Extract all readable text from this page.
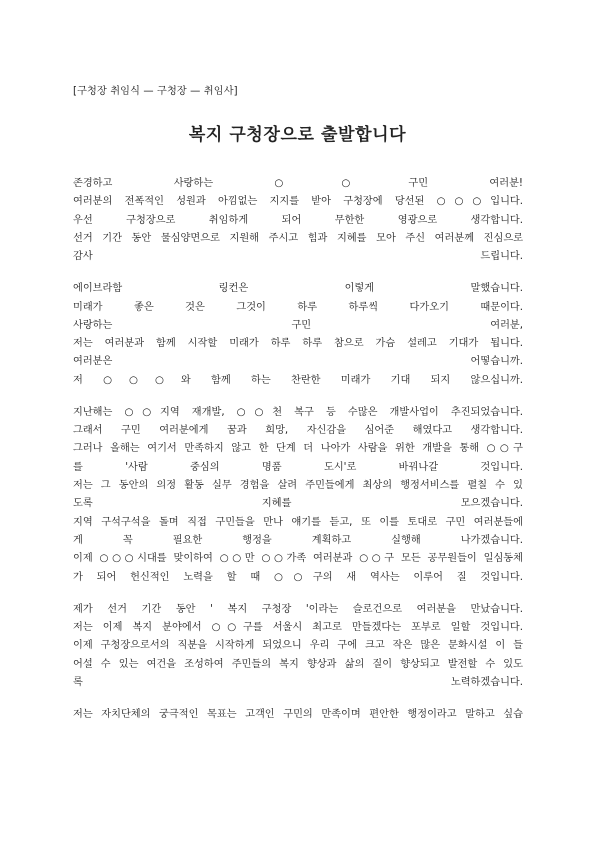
[구청장 취임식 — 구청장 — 취임사]
복지 구청장으로 출발합니다
존경하고 사랑하는 ○○구민 여러분!
여러분의 전폭적인 성원과 아낌없는 지지를 받아 구청장에 당선된 ○○○입니다.
우선 구청장으로 취임하게 되어 무한한 영광으로 생각합니다.
선거 기간 동안 물심양면으로 지원해 주시고 힘과 지혜를 모아 주신 여러분께 진심으로
감사 드립니다.
에이브라함 링컨은 이렇게 말했습니다.
미래가 좋은 것은 그것이 하루 하루씩 다가오기 때문이다.
사랑하는 구민 여러분,
저는 여러분과 함께 시작할 미래가 하루 하루 참으로 가슴 설레고 기대가 됩니다.
여러분은 어떻습니까.
저 ○○○와 함께 하는 찬란한 미래가 기대 되지 않으십니까.
지난해는 ○○지역 재개발, ○○천 복구 등 수많은 개발사업이 추진되었습니다.
그래서 구민 여러분에게 꿈과 희망, 자신감을 심어준 해였다고 생각합니다.
그러나 올해는 여기서 만족하지 않고 한 단계 더 나아가 사람을 위한 개발을 통해 ○○구
를 '사람 중심의 명품 도시'로 바꿔나갈 것입니다.
저는 그 동안의 의정 활동 실무 경험을 살려 주민들에게 최상의 행정서비스를 펼칠 수 있
도록 지혜를 모으겠습니다.
지역 구석구석을 돌며 직접 구민들을 만나 얘기를 듣고, 또 이를 토대로 구민 여러분들에
게 꼭 필요한 행정을 계획하고 실행해 나가겠습니다.
이제 ○○○시대를 맞이하여 ○○만 ○○가족 여러분과 ○○구 모든 공무원들이 일심동체
가 되어 헌신적인 노력을 할 때 ○○구의 새 역사는 이루어 질 것입니다.
제가 선거 기간 동안 ' 복지 구청장 '이라는 슬로건으로 여러분을 만났습니다.
저는 이제 복지 분야에서 ○○구를 서울시 최고로 만들겠다는 포부로 일할 것입니다.
이제 구청장으로서의 직분을 시작하게 되었으니 우리 구에 크고 작은 많은 문화시설 이 들
어설 수 있는 여건을 조성하여 주민들의 복지 향상과 삶의 질이 향상되고 발전할 수 있도
록 노력하겠습니다.
저는 자치단체의 궁극적인 목표는 고객인 구민의 만족이며 편안한 행정이라고 말하고 싶습
